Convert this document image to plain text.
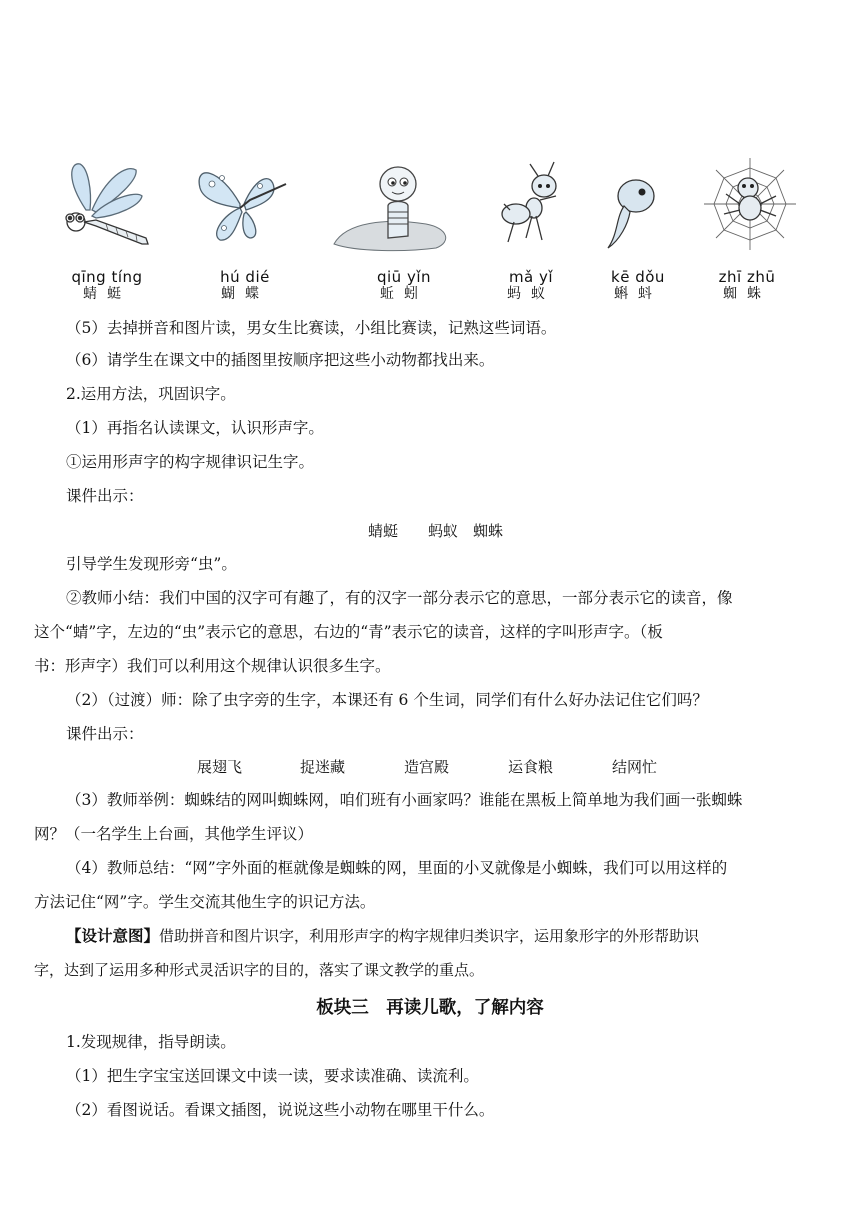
qīng tíng
蜻蜓
hú dié
蝴蝶
qiū yǐn
蚯蚓
mǎ yǐ
蚂蚁
kē dǒu
蝌蚪
zhī zhū
蜘蛛
（5）去掉拼音和图片读，男女生比赛读，小组比赛读，记熟这些词语。
（6）请学生在课文中的插图里按顺序把这些小动物都找出来。
2.运用方法，巩固识字。
（1）再指名认读课文，认识形声字。
①运用形声字的构字规律识记生字。
课件出示：
蜻蜓　　蚂蚁　蜘蛛
引导学生发现形旁“虫”。
②教师小结：我们中国的汉字可有趣了，有的汉字一部分表示它的意思，一部分表示它的读音，像
这个“蜻”字，左边的“虫”表示它的意思，右边的“青”表示它的读音，这样的字叫形声字。（板
书：形声字）我们可以利用这个规律认识很多生字。
（2）（过渡）师：除了虫字旁的生字，本课还有 6 个生词，同学们有什么好办法记住它们吗？
课件出示：
展翅飞	捉迷藏	造宫殿	运食粮	结网忙
（3）教师举例：蜘蛛结的网叫蜘蛛网，咱们班有小画家吗？谁能在黑板上简单地为我们画一张蜘蛛
网？（一名学生上台画，其他学生评议）
（4）教师总结：“网”字外面的框就像是蜘蛛的网，里面的小叉就像是小蜘蛛，我们可以用这样的
方法记住“网”字。学生交流其他生字的识记方法。
【设计意图】借助拼音和图片识字，利用形声字的构字规律归类识字，运用象形字的外形帮助识
字，达到了运用多种形式灵活识字的目的，落实了课文教学的重点。
板块三　再读儿歌，了解内容
1.发现规律，指导朗读。
（1）把生字宝宝送回课文中读一读，要求读准确、读流利。
（2）看图说话。看课文插图，说说这些小动物在哪里干什么。
